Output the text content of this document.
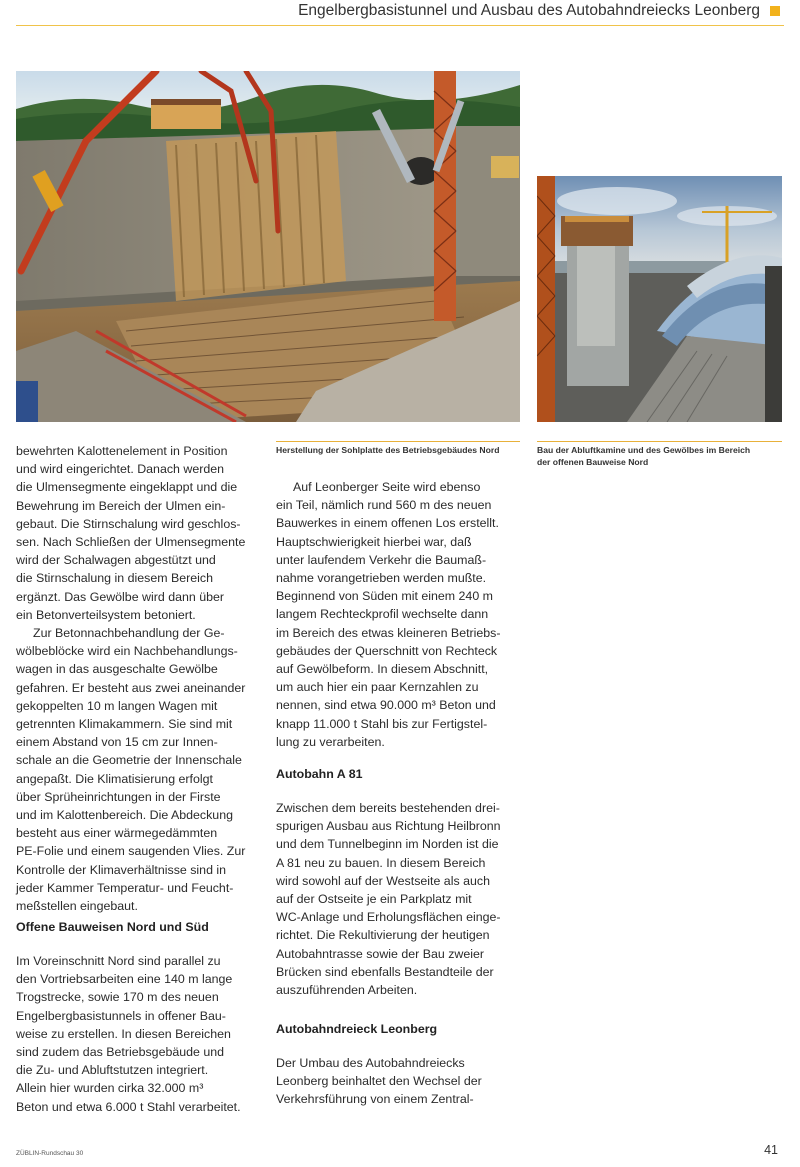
Engelbergbasistunnel und Ausbau des Autobahndreiecks Leonberg
Herstellung der Sohlplatte des Betriebsgebäudes Nord	Bau der Abluftkamine und des Gewölbes im Bereich
der offenen Bauweise Nord

bewehrten Kalottenelement in Position
und wird eingerichtet. Danach werden
die Ulmensegmente eingeklappt und die
Bewehrung im Bereich der Ulmen ein-
gebaut. Die Stirnschalung wird geschlos-
sen. Nach Schließen der Ulmensegmente
wird der Schalwagen abgestützt und
die Stirnschalung in diesem Bereich
ergänzt. Das Gewölbe wird dann über
ein Betonverteilsystem betoniert.

Zur Betonnachbehandlung der Ge-
wölbeblöcke wird ein Nachbehandlungs-
wagen in das ausgeschalte Gewölbe
gefahren. Er besteht aus zwei aneinander
gekoppelten 10 m langen Wagen mit
getrennten Klimakammern. Sie sind mit
einem Abstand von 15 cm zur Innen-
schale an die Geometrie der Innenschale
angepaßt. Die Klimatisierung erfolgt
über Sprüheinrichtungen in der Firste
und im Kalottenbereich. Die Abdeckung
besteht aus einer wärmegedämmten
PE-Folie und einem saugenden Vlies. Zur
Kontrolle der Klimaverhältnisse sind in
jeder Kammer Temperatur- und Feucht-
meßstellen eingebaut.

Offene Bauweisen Nord und Süd

Im Voreinschnitt Nord sind parallel zu
den Vortriebsarbeiten eine 140 m lange
Trogstrecke, sowie 170 m des neuen
Engelbergbasistunnels in offener Bau-
weise zu erstellen. In diesen Bereichen
sind zudem das Betriebsgebäude und
die Zu- und Abluftstutzen integriert.
Allein hier wurden cirka 32.000 m³
Beton und etwa 6.000 t Stahl verarbeitet.

Auf Leonberger Seite wird ebenso
ein Teil, nämlich rund 560 m des neuen
Bauwerkes in einem offenen Los erstellt.
Hauptschwierigkeit hierbei war, daß
unter laufendem Verkehr die Baumaß-
nahme vorangetrieben werden mußte.
Beginnend von Süden mit einem 240 m
langem Rechteckprofil wechselte dann
im Bereich des etwas kleineren Betriebs-
gebäudes der Querschnitt von Rechteck
auf Gewölbeform. In diesem Abschnitt,
um auch hier ein paar Kernzahlen zu
nennen, sind etwa 90.000 m³ Beton und
knapp 11.000 t Stahl bis zur Fertigstel-
lung zu verarbeiten.

Autobahn A 81

Zwischen dem bereits bestehenden drei-
spurigen Ausbau aus Richtung Heilbronn
und dem Tunnelbeginn im Norden ist die
A 81 neu zu bauen. In diesem Bereich
wird sowohl auf der Westseite als auch
auf der Ostseite je ein Parkplatz mit
WC-Anlage und Erholungsflächen einge-
richtet. Die Rekultivierung der heutigen
Autobahntrasse sowie der Bau zweier
Brücken sind ebenfalls Bestandteile der
auszuführenden Arbeiten.

Autobahndreieck Leonberg

Der Umbau des Autobahndreiecks
Leonberg beinhaltet den Wechsel der
Verkehrsführung von einem Zentral-

ZÜBLIN-Rundschau 30	41
